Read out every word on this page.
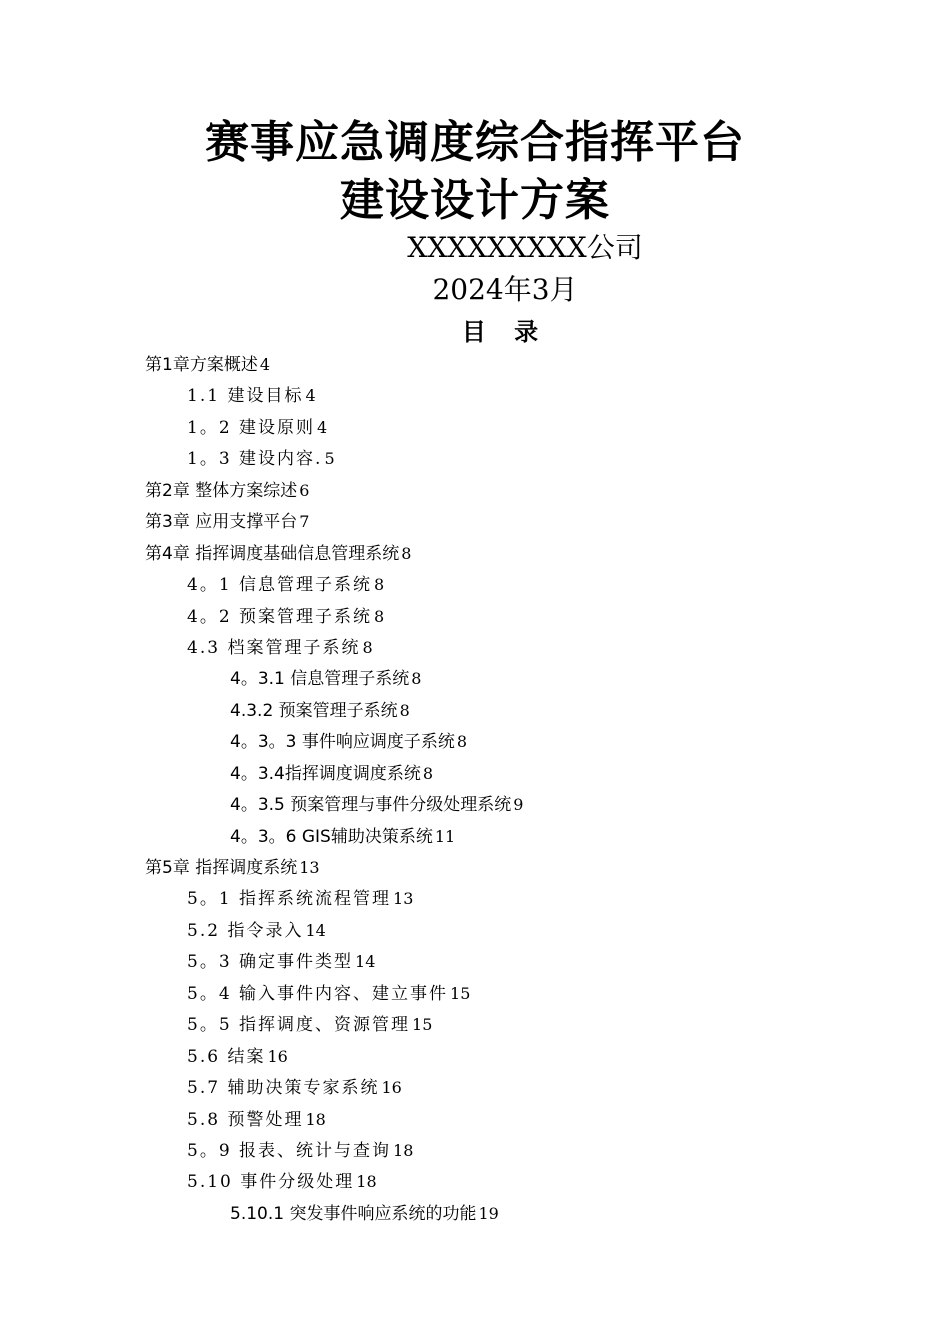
赛事应急调度综合指挥平台
建设设计方案
XXXXXXXXX公司
2024年3月
目 录
第1章方案概述 4
1.1 建设目标 4
1。2 建设原则 4
1。3 建设内容. 5
第2章 整体方案综述 6
第3章 应用支撑平台 7
第4章 指挥调度基础信息管理系统 8
4。1 信息管理子系统 8
4。2 预案管理子系统 8
4.3 档案管理子系统 8
4。3.1 信息管理子系统 8
4.3.2 预案管理子系统 8
4。3。3 事件响应调度子系统 8
4。3.4指挥调度调度系统 8
4。3.5 预案管理与事件分级处理系统 9
4。3。6 GIS辅助决策系统 11
第5章 指挥调度系统 13
5。1 指挥系统流程管理 13
5.2 指令录入 14
5。3 确定事件类型 14
5。4 输入事件内容、建立事件 15
5。5 指挥调度、资源管理 15
5.6 结案 16
5.7 辅助决策专家系统 16
5.8 预警处理 18
5。9 报表、统计与查询 18
5.10 事件分级处理 18
5.10.1 突发事件响应系统的功能 19
